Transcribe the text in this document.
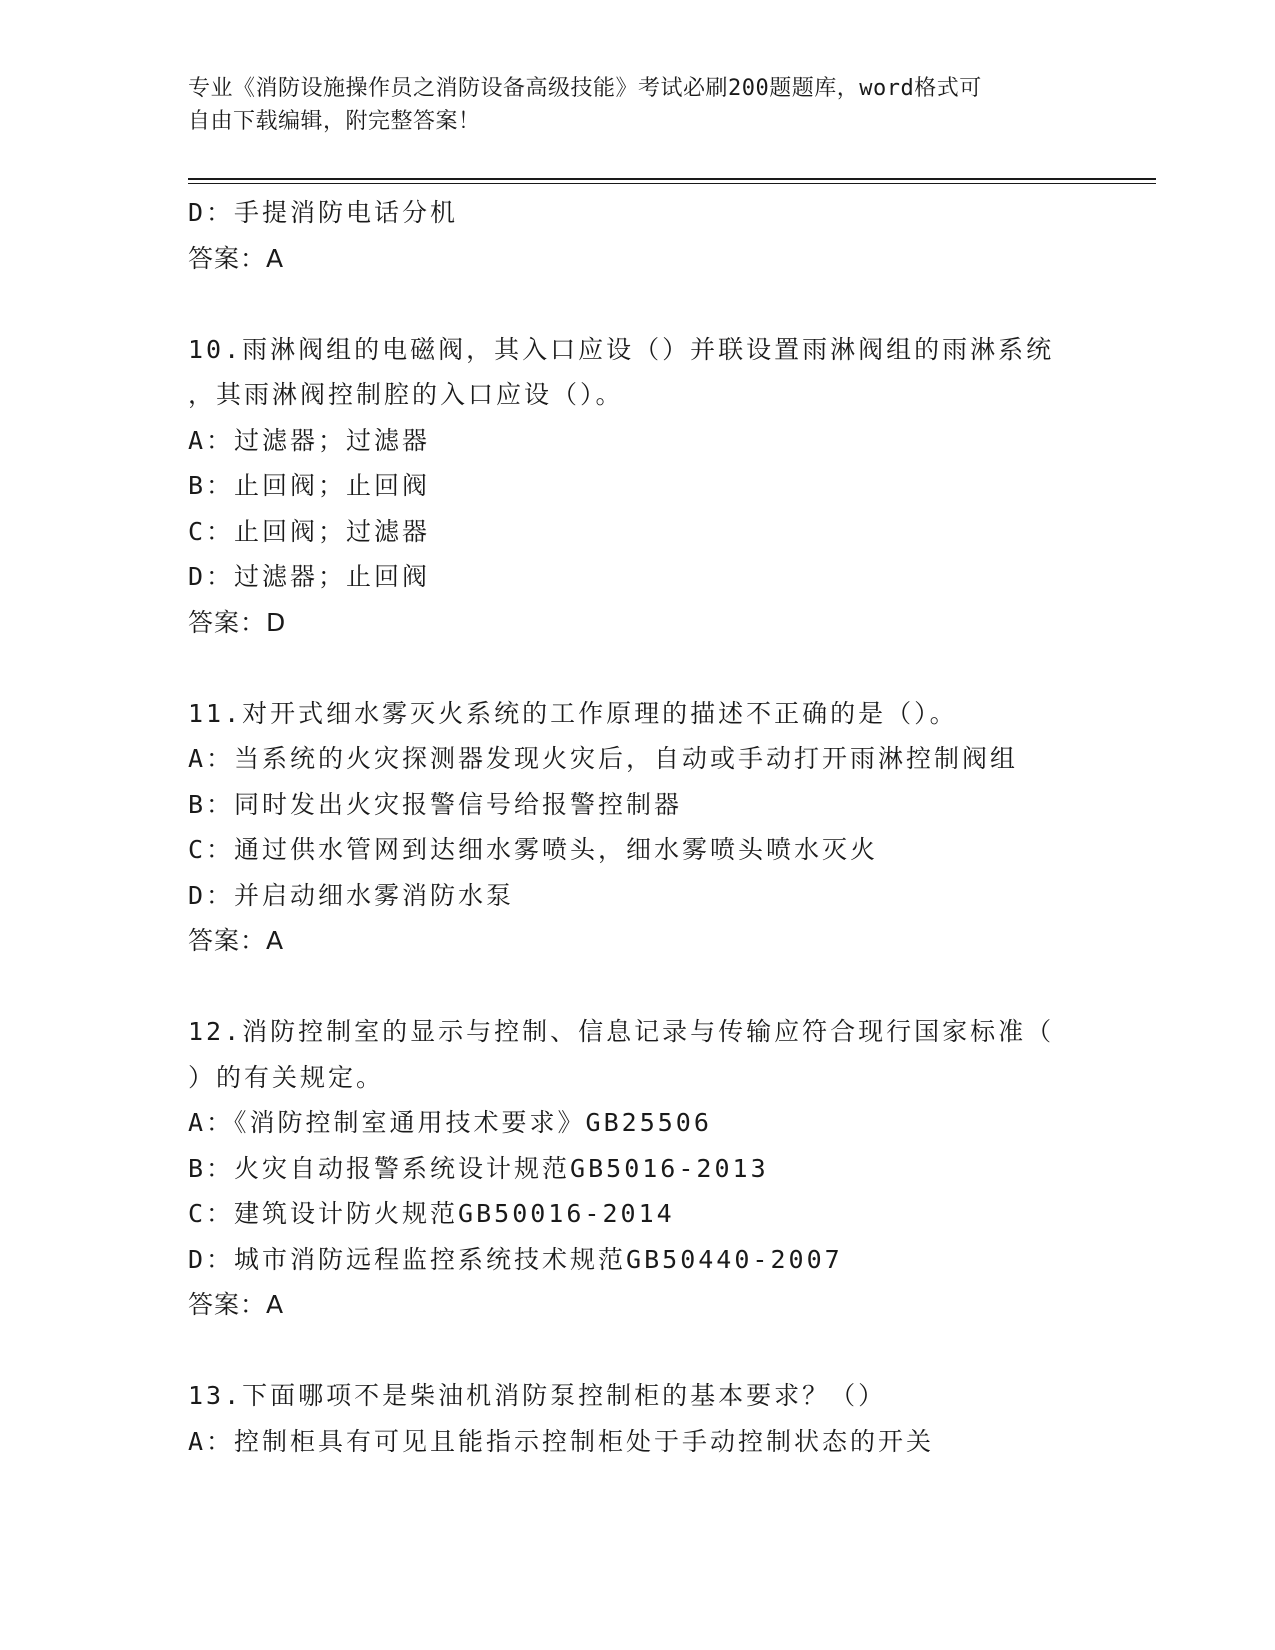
专业《消防设施操作员之消防设备高级技能》考试必刷200题题库，word格式可
自由下载编辑，附完整答案！
D：手提消防电话分机
答案：A
10.雨淋阀组的电磁阀，其入口应设（）并联设置雨淋阀组的雨淋系统
，其雨淋阀控制腔的入口应设（）。
A：过滤器；过滤器
B：止回阀；止回阀
C：止回阀；过滤器
D：过滤器；止回阀
答案：D
11.对开式细水雾灭火系统的工作原理的描述不正确的是（）。
A：当系统的火灾探测器发现火灾后，自动或手动打开雨淋控制阀组
B：同时发出火灾报警信号给报警控制器
C：通过供水管网到达细水雾喷头，细水雾喷头喷水灭火
D：并启动细水雾消防水泵
答案：A
12.消防控制室的显示与控制、信息记录与传输应符合现行国家标准（
）的有关规定。
A：《消防控制室通用技术要求》GB25506
B：火灾自动报警系统设计规范GB5016-2013
C：建筑设计防火规范GB50016-2014
D：城市消防远程监控系统技术规范GB50440-2007
答案：A
13.下面哪项不是柴油机消防泵控制柜的基本要求？（）
A：控制柜具有可见且能指示控制柜处于手动控制状态的开关
